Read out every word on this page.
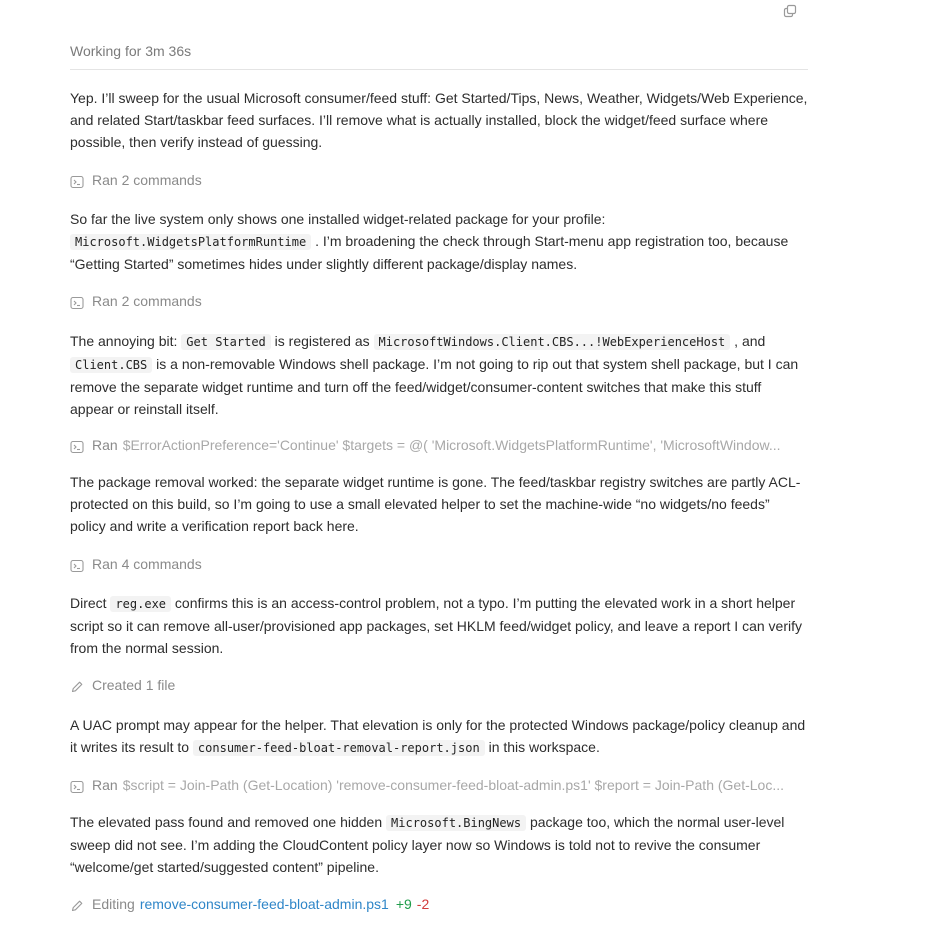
Working for 3m 36s

Yep. I’ll sweep for the usual Microsoft consumer/feed stuff: Get Started/Tips, News, Weather, Widgets/Web Experience, and related Start/taskbar feed surfaces. I’ll remove what is actually installed, block the widget/feed surface where possible, then verify instead of guessing.

Ran 2 commands

So far the live system only shows one installed widget-related package for your profile: Microsoft.WidgetsPlatformRuntime . I’m broadening the check through Start-menu app registration too, because “Getting Started” sometimes hides under slightly different package/display names.

Ran 2 commands

The annoying bit: Get Started is registered as MicrosoftWindows.Client.CBS...!WebExperienceHost , and Client.CBS is a non-removable Windows shell package. I’m not going to rip out that system shell package, but I can remove the separate widget runtime and turn off the feed/widget/consumer-content switches that make this stuff appear or reinstall itself.

Ran $ErrorActionPreference='Continue' $targets = @( 'Microsoft.WidgetsPlatformRuntime', 'MicrosoftWindow...

The package removal worked: the separate widget runtime is gone. The feed/taskbar registry switches are partly ACL-protected on this build, so I’m going to use a small elevated helper to set the machine-wide “no widgets/no feeds” policy and write a verification report back here.

Ran 4 commands

Direct reg.exe confirms this is an access-control problem, not a typo. I’m putting the elevated work in a short helper script so it can remove all-user/provisioned app packages, set HKLM feed/widget policy, and leave a report I can verify from the normal session.

Created 1 file

A UAC prompt may appear for the helper. That elevation is only for the protected Windows package/policy cleanup and it writes its result to consumer-feed-bloat-removal-report.json in this workspace.

Ran $script = Join-Path (Get-Location) 'remove-consumer-feed-bloat-admin.ps1' $report = Join-Path (Get-Loc...

The elevated pass found and removed one hidden Microsoft.BingNews package too, which the normal user-level sweep did not see. I’m adding the CloudContent policy layer now so Windows is told not to revive the consumer “welcome/get started/suggested content” pipeline.

Editing remove-consumer-feed-bloat-admin.ps1 +9 -2
